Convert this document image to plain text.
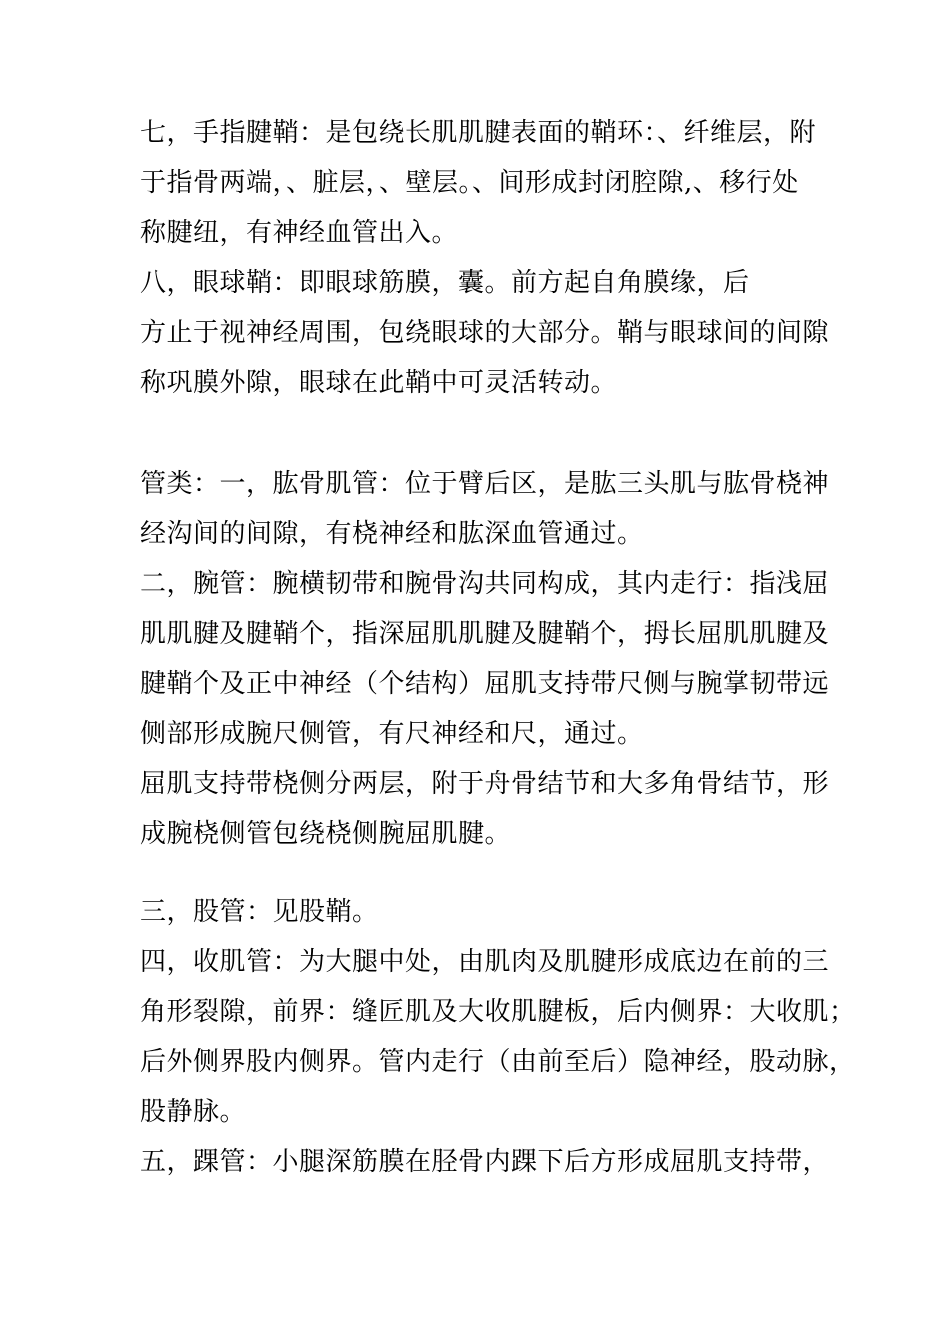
七，手指腱鞘：是包绕长肌肌腱表面的鞘环：、纤维层，附
于指骨两端，、脏层，、壁层。、间形成封闭腔隙,、移行处
称腱纽，有神经血管出入。
八，眼球鞘：即眼球筋膜，囊。前方起自角膜缘，后
方止于视神经周围，包绕眼球的大部分。鞘与眼球间的间隙
称巩膜外隙，眼球在此鞘中可灵活转动。
管类：一，肱骨肌管：位于臂后区，是肱三头肌与肱骨桡神
经沟间的间隙，有桡神经和肱深血管通过。
二，腕管：腕横韧带和腕骨沟共同构成，其内走行：指浅屈
肌肌腱及腱鞘个，指深屈肌肌腱及腱鞘个，拇长屈肌肌腱及
腱鞘个及正中神经（个结构）屈肌支持带尺侧与腕掌韧带远
侧部形成腕尺侧管，有尺神经和尺，通过。
屈肌支持带桡侧分两层，附于舟骨结节和大多角骨结节，形
成腕桡侧管包绕桡侧腕屈肌腱。
三，股管：见股鞘。
四，收肌管：为大腿中处，由肌肉及肌腱形成底边在前的三
角形裂隙，前界：缝匠肌及大收肌腱板，后内侧界：大收肌；
后外侧界股内侧界。管内走行（由前至后）隐神经，股动脉，
股静脉。
五，踝管：小腿深筋膜在胫骨内踝下后方形成屈肌支持带，
